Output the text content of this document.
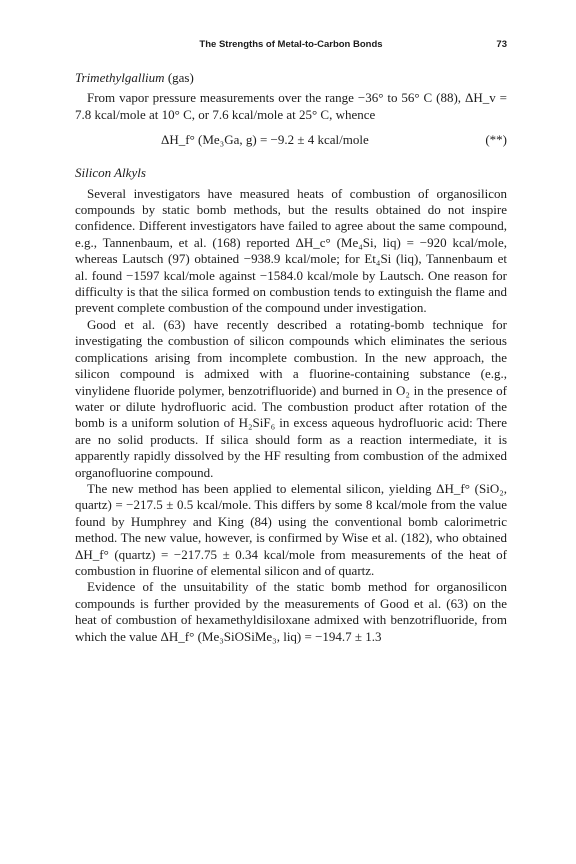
The Strengths of Metal-to-Carbon Bonds	73
Trimethylgallium (gas)

From vapor pressure measurements over the range −36° to 56° C (88), ΔH_v = 7.8 kcal/mole at 10° C, or 7.6 kcal/mole at 25° C, whence

ΔH_f° (Me₃Ga, g) = −9.2 ± 4 kcal/mole	(**)
Silicon Alkyls

Several investigators have measured heats of combustion of organosilicon compounds by static bomb methods, but the results obtained do not inspire confidence. Different investigators have failed to agree about the same compound, e.g., Tannenbaum, et al. (168) reported ΔH_c° (Me₄Si, liq) = −920 kcal/mole, whereas Lautsch (97) obtained −938.9 kcal/mole; for Et₄Si (liq), Tannenbaum et al. found −1597 kcal/mole against −1584.0 kcal/mole by Lautsch. One reason for difficulty is that the silica formed on combustion tends to extinguish the flame and prevent complete combustion of the compound under investigation.

Good et al. (63) have recently described a rotating-bomb technique for investigating the combustion of silicon compounds which eliminates the serious complications arising from incomplete combustion. In the new approach, the silicon compound is admixed with a fluorine-containing substance (e.g., vinylidene fluoride polymer, benzotrifluoride) and burned in O₂ in the presence of water or dilute hydrofluoric acid. The combustion product after rotation of the bomb is a uniform solution of H₂SiF₆ in excess aqueous hydrofluoric acid: There are no solid products. If silica should form as a reaction intermediate, it is apparently rapidly dissolved by the HF resulting from combustion of the admixed organofluorine compound.

The new method has been applied to elemental silicon, yielding ΔH_f° (SiO₂, quartz) = −217.5 ± 0.5 kcal/mole. This differs by some 8 kcal/mole from the value found by Humphrey and King (84) using the conventional bomb calorimetric method. The new value, however, is confirmed by Wise et al. (182), who obtained ΔH_f° (quartz) = −217.75 ± 0.34 kcal/mole from measurements of the heat of combustion in fluorine of elemental silicon and of quartz.

Evidence of the unsuitability of the static bomb method for organosilicon compounds is further provided by the measurements of Good et al. (63) on the heat of combustion of hexamethyldisiloxane admixed with benzotrifluoride, from which the value ΔH_f° (Me₃SiOSiMe₃, liq) = −194.7 ± 1.3
